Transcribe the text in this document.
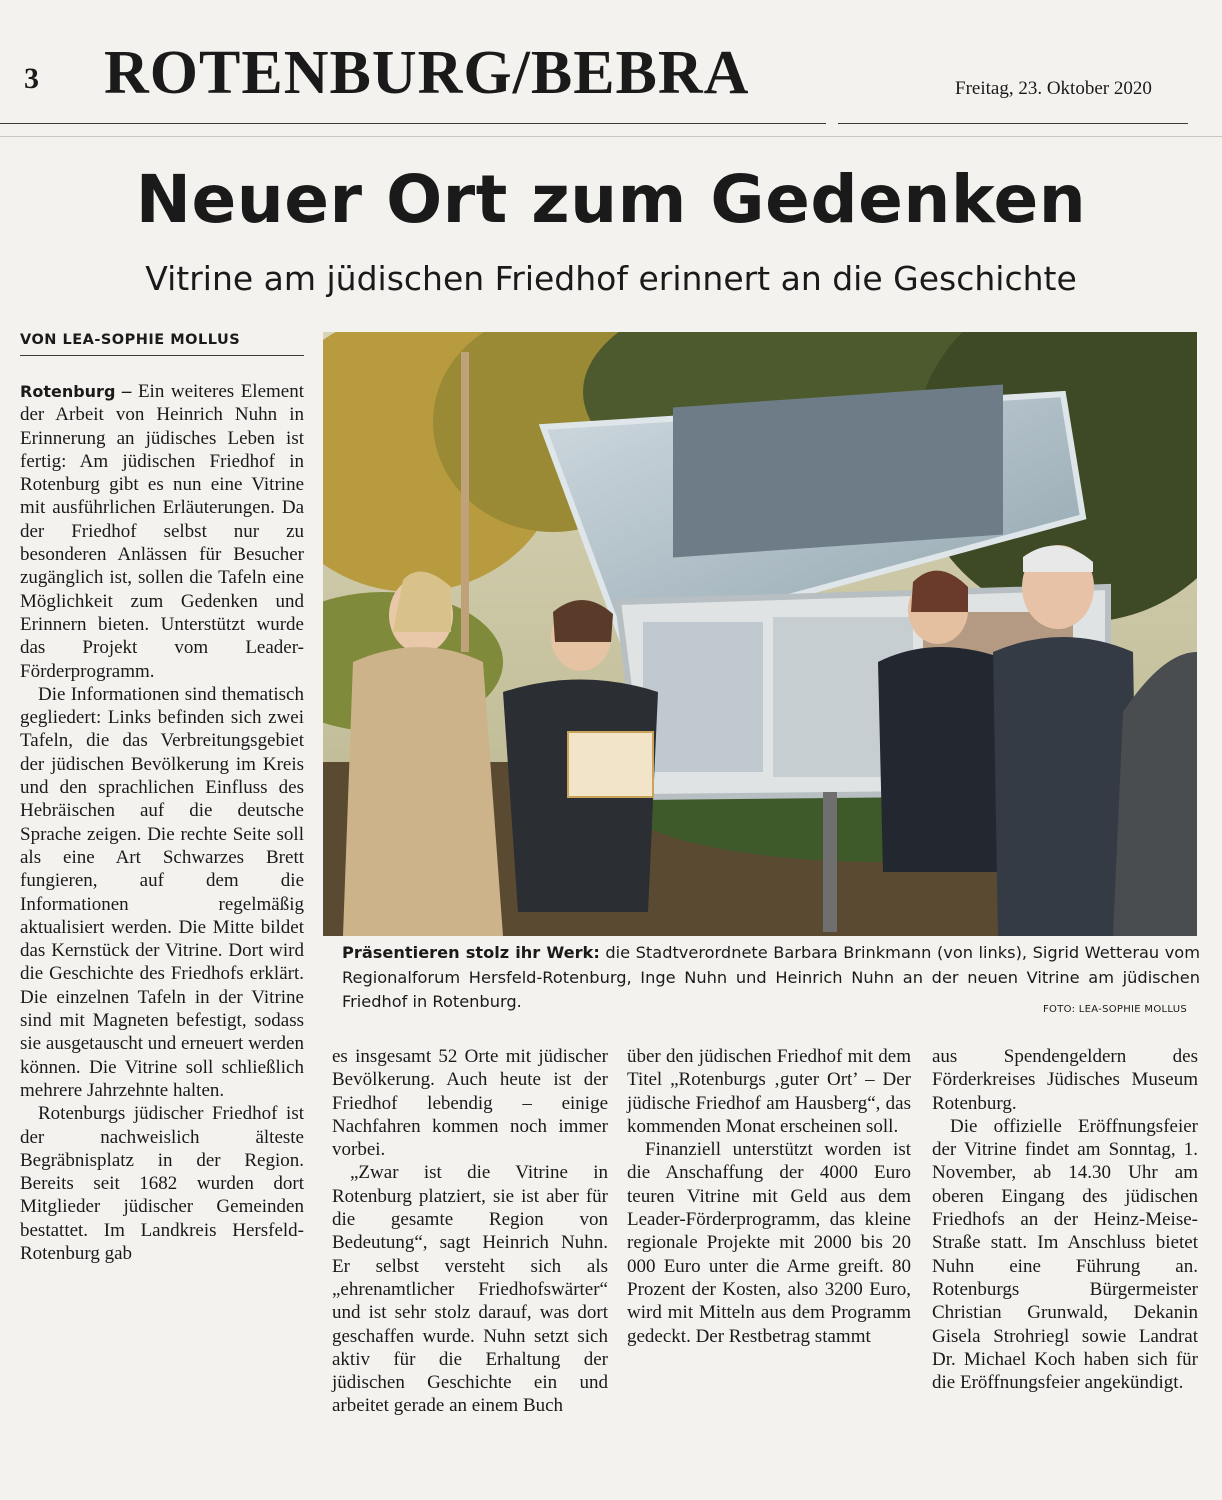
3 ROTENBURG/BEBRA	Freitag, 23. Oktober 2020
Neuer Ort zum Gedenken
Vitrine am jüdischen Friedhof erinnert an die Geschichte
VON LEA-SOPHIE MOLLUS

Rotenburg – Ein weiteres Element der Arbeit von Heinrich Nuhn in Erinnerung an jüdisches Leben ist fertig: Am jüdischen Friedhof in Rotenburg gibt es nun eine Vitrine mit ausführlichen Erläuterungen. Da der Friedhof selbst nur zu besonderen Anlässen für Besucher zugänglich ist, sollen die Tafeln eine Möglichkeit zum Gedenken und Erinnern bieten. Unterstützt wurde das Projekt vom Leader-Förderprogramm.

Die Informationen sind thematisch gegliedert: Links befinden sich zwei Tafeln, die das Verbreitungsgebiet der jüdischen Bevölkerung im Kreis und den sprachlichen Einfluss des Hebräischen auf die deutsche Sprache zeigen. Die rechte Seite soll als eine Art Schwarzes Brett fungieren, auf dem die Informationen regelmäßig aktualisiert werden. Die Mitte bildet das Kernstück der Vitrine. Dort wird die Geschichte des Friedhofs erklärt. Die einzelnen Tafeln in der Vitrine sind mit Magneten befestigt, sodass sie ausgetauscht und erneuert werden können. Die Vitrine soll schließlich mehrere Jahrzehnte halten.

Rotenburgs jüdischer Friedhof ist der nachweislich älteste Begräbnisplatz in der Region. Bereits seit 1682 wurden dort Mitglieder jüdischer Gemeinden bestattet. Im Landkreis Hersfeld-Rotenburg gab

Präsentieren stolz ihr Werk: die Stadtverordnete Barbara Brinkmann (von links), Sigrid Wetterau vom Regionalforum Hersfeld-Rotenburg, Inge Nuhn und Heinrich Nuhn an der neuen Vitrine am jüdischen Friedhof in Rotenburg.	FOTO: LEA-SOPHIE MOLLUS

es insgesamt 52 Orte mit jüdischer Bevölkerung. Auch heute ist der Friedhof lebendig – einige Nachfahren kommen noch immer vorbei.

„Zwar ist die Vitrine in Rotenburg platziert, sie ist aber für die gesamte Region von Bedeutung“, sagt Heinrich Nuhn. Er selbst versteht sich als „ehrenamtlicher Friedhofswärter“ und ist sehr stolz darauf, was dort geschaffen wurde. Nuhn setzt sich aktiv für die Erhaltung der jüdischen Geschichte ein und arbeitet gerade an einem Buch

über den jüdischen Friedhof mit dem Titel „Rotenburgs ‚guter Ort’ – Der jüdische Friedhof am Hausberg“, das kommenden Monat erscheinen soll.

Finanziell unterstützt worden ist die Anschaffung der 4000 Euro teuren Vitrine mit Geld aus dem Leader-Förderprogramm, das kleine regionale Projekte mit 2000 bis 20 000 Euro unter die Arme greift. 80 Prozent der Kosten, also 3200 Euro, wird mit Mitteln aus dem Programm gedeckt. Der Restbetrag stammt

aus Spendengeldern des Förderkreises Jüdisches Museum Rotenburg.

Die offizielle Eröffnungsfeier der Vitrine findet am Sonntag, 1. November, ab 14.30 Uhr am oberen Eingang des jüdischen Friedhofs an der Heinz-Meise-Straße statt. Im Anschluss bietet Nuhn eine Führung an. Rotenburgs Bürgermeister Christian Grunwald, Dekanin Gisela Strohriegl sowie Landrat Dr. Michael Koch haben sich für die Eröffnungsfeier angekündigt.
